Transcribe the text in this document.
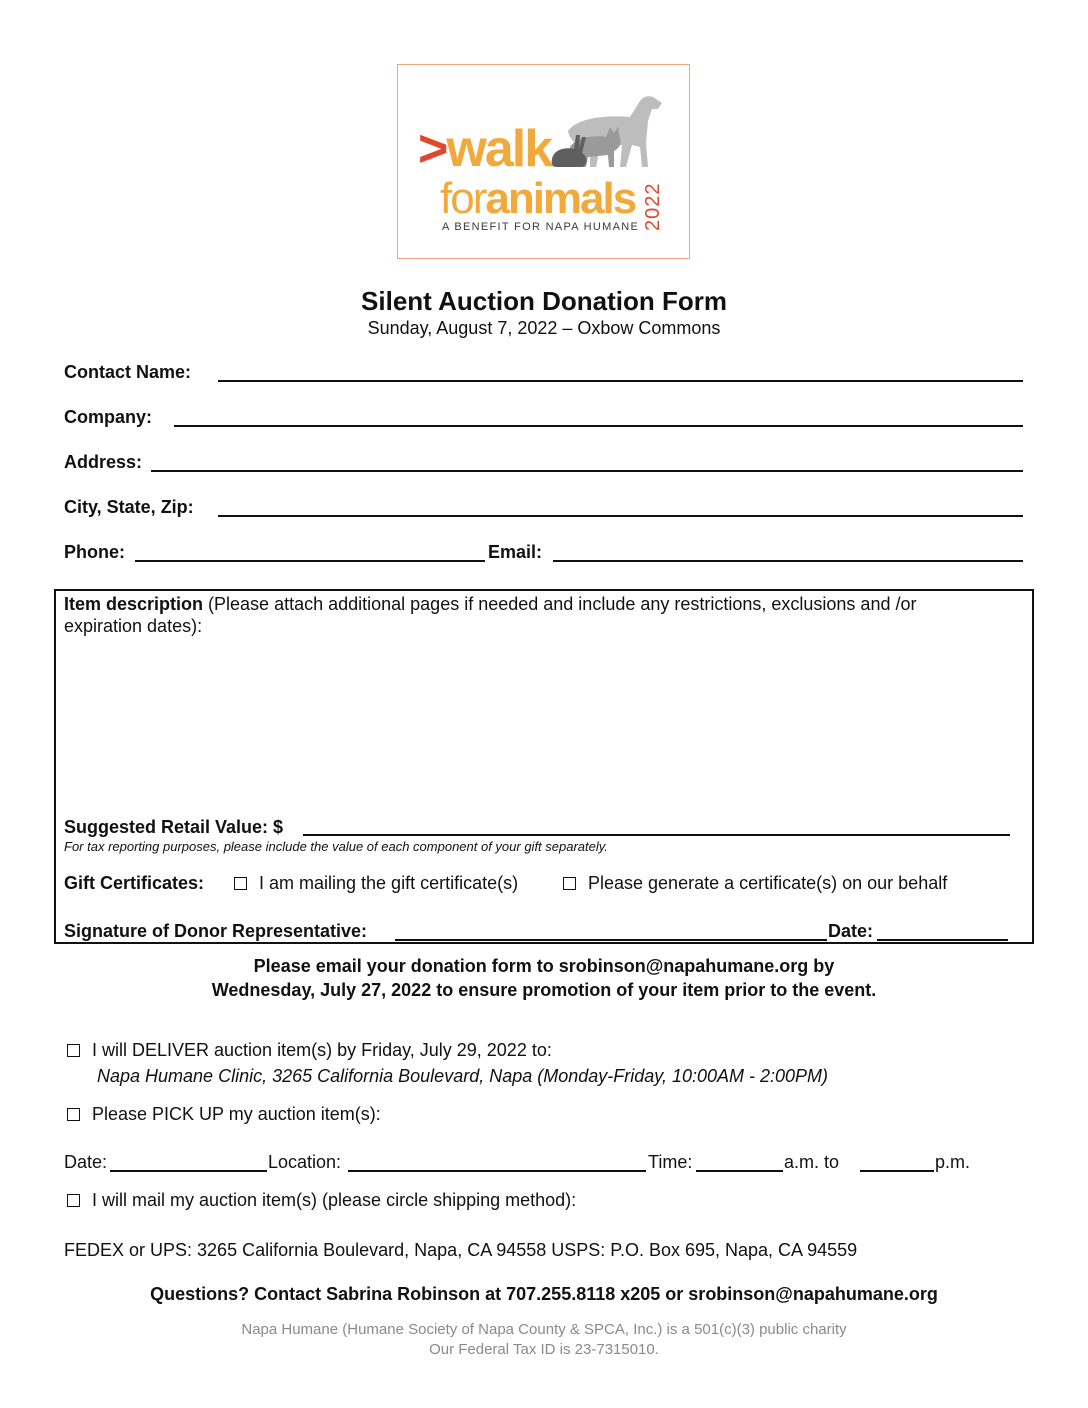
>walk
foranimals 2022
A BENEFIT FOR NAPA HUMANE
Silent Auction Donation Form
Sunday, August 7, 2022 – Oxbow Commons
Contact Name:
Company:
Address:
City, State, Zip:
Phone:	Email:
Item description (Please attach additional pages if needed and include any restrictions, exclusions and /or
expiration dates):
Suggested Retail Value: $
For tax reporting purposes, please include the value of each component of your gift separately.
Gift Certificates:	I am mailing the gift certificate(s)	Please generate a certificate(s) on our behalf
Signature of Donor Representative:	Date:
Please email your donation form to srobinson@napahumane.org by
Wednesday, July 27, 2022 to ensure promotion of your item prior to the event.
I will DELIVER auction item(s) by Friday, July 29, 2022 to:
Napa Humane Clinic, 3265 California Boulevard, Napa (Monday-Friday, 10:00AM - 2:00PM)
Please PICK UP my auction item(s):
Date:	Location:	Time:	a.m. to	p.m.
I will mail my auction item(s) (please circle shipping method):
FEDEX or UPS: 3265 California Boulevard, Napa, CA 94558 USPS: P.O. Box 695, Napa, CA 94559
Questions? Contact Sabrina Robinson at 707.255.8118 x205 or srobinson@napahumane.org
Napa Humane (Humane Society of Napa County & SPCA, Inc.) is a 501(c)(3) public charity
Our Federal Tax ID is 23-7315010.
